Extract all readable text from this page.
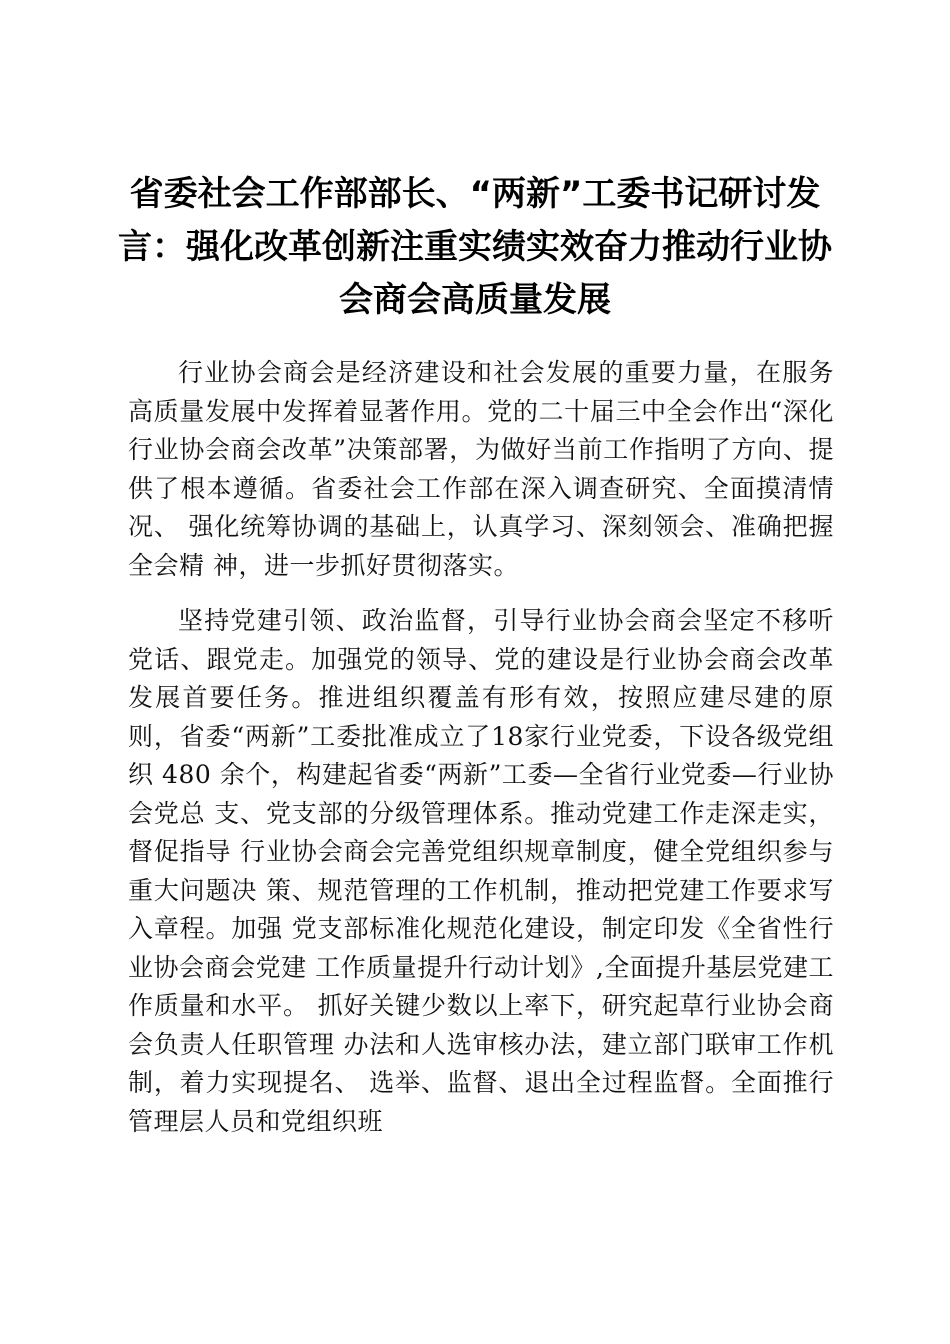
省委社会工作部部长、“两新”工委书记研讨发言：强化改革创新注重实绩实效奋力推动行业协会商会高质量发展

行业协会商会是经济建设和社会发展的重要力量，在服务高质量发展中发挥着显著作用。党的二十届三中全会作出“深化行业协会商会改革”决策部署，为做好当前工作指明了方向、提供了根本遵循。省委社会工作部在深入调查研究、全面摸清情况、 强化统筹协调的基础上，认真学习、深刻领会、准确把握全会精 神，进一步抓好贯彻落实。

坚持党建引领、政治监督，引导行业协会商会坚定不移听党话、跟党走。加强党的领导、党的建设是行业协会商会改革发展首要任务。推进组织覆盖有形有效，按照应建尽建的原则，省委“两新”工委批准成立了18家行业党委，下设各级党组织 480 余个，构建起省委“两新”工委—全省行业党委—行业协会党总 支、党支部的分级管理体系。推动党建工作走深走实，督促指导 行业协会商会完善党组织规章制度，健全党组织参与重大问题决 策、规范管理的工作机制，推动把党建工作要求写入章程。加强 党支部标准化规范化建设，制定印发《全省性行业协会商会党建 工作质量提升行动计划》,全面提升基层党建工作质量和水平。 抓好关键少数以上率下，研究起草行业协会商会负责人任职管理 办法和人选审核办法，建立部门联审工作机制，着力实现提名、 选举、监督、退出全过程监督。全面推行管理层人员和党组织班
